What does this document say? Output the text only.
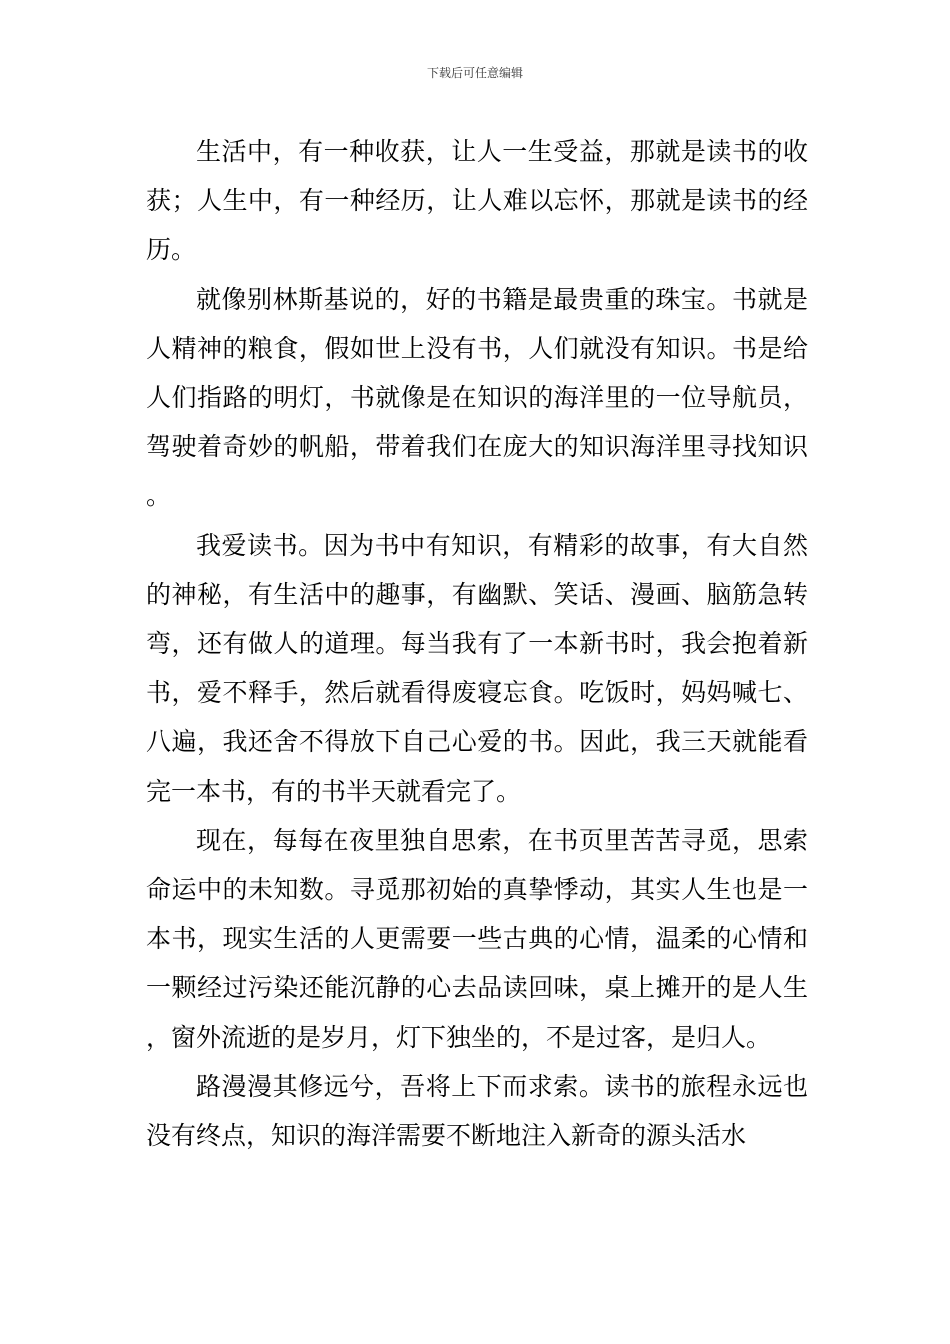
下载后可任意编辑

生活中，有一种收获，让人一生受益，那就是读书的收获；人生中，有一种经历，让人难以忘怀，那就是读书的经历。

就像别林斯基说的，好的书籍是最贵重的珠宝。书就是人精神的粮食，假如世上没有书，人们就没有知识。书是给人们指路的明灯，书就像是在知识的海洋里的一位导航员，驾驶着奇妙的帆船，带着我们在庞大的知识海洋里寻找知识。

我爱读书。因为书中有知识，有精彩的故事，有大自然的神秘，有生活中的趣事，有幽默、笑话、漫画、脑筋急转弯，还有做人的道理。每当我有了一本新书时，我会抱着新书，爱不释手，然后就看得废寝忘食。吃饭时，妈妈喊七、八遍，我还舍不得放下自己心爱的书。因此，我三天就能看完一本书，有的书半天就看完了。

现在，每每在夜里独自思索，在书页里苦苦寻觅，思索命运中的未知数。寻觅那初始的真挚悸动，其实人生也是一本书，现实生活的人更需要一些古典的心情，温柔的心情和一颗经过污染还能沉静的心去品读回味，桌上摊开的是人生，窗外流逝的是岁月，灯下独坐的，不是过客，是归人。

路漫漫其修远兮，吾将上下而求索。读书的旅程永远也没有终点，知识的海洋需要不断地注入新奇的源头活水
